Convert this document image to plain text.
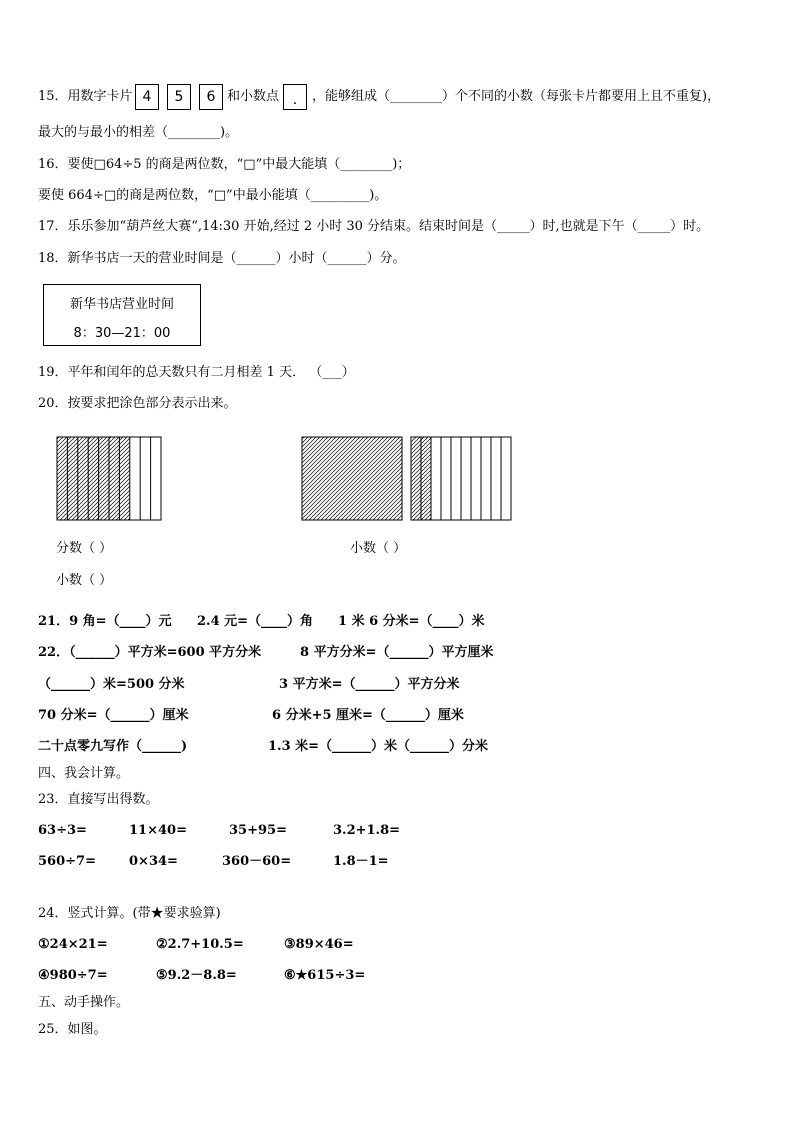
15．用数字卡片 4	5	6 和小数点 .	，能够组成（________）个不同的小数（每张卡片都要用上且不重复)，
最大的与最小的相差（________)。
16．要使□64÷5 的商是两位数，“□”中最大能填（________)；
要使 664÷□的商是两位数，“□”中最小能填（_________)。
17．乐乐参加“葫芦丝大赛“,14:30 开始,经过 2 小时 30 分结束。结束时间是（_____）时,也就是下午（_____）时。
18．新华书店一天的营业时间是（______）小时（______）分。
新华书店营业时间
8：30—21：00
19．平年和闰年的总天数只有二月相差 1 天． （___）
20．按要求把涂色部分表示出来。
分数（ ）
小数（ ）
小数（ ）
21．9 角=（____）元 2.4 元=（____）角 1 米 6 分米=（____）米
22．（______）平方米=600 平方分米	8 平方分米=（______）平方厘米
（______）米=500 分米	3 平方米=（______）平方分米
70 分米=（______）厘米	6 分米+5 厘米=（______）厘米
二十点零九写作（______)	1.3 米=（______）米（______）分米
四、我会计算。
23．直接写出得数。
63÷3=	11×40=	35+95=	3.2+1.8=
560÷7=	0×34=	360－60=	1.8－1=
24．竖式计算。(带★要求验算)
①24×21=	②2.7+10.5=	③89×46=
④980÷7=	⑤9.2－8.8=	⑥★615÷3=
五、动手操作。
25．如图。
